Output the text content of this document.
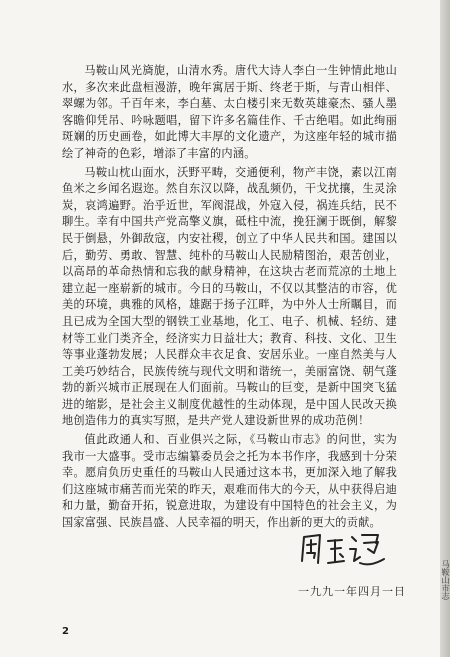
马鞍山风光旖旎，山清水秀。唐代大诗人李白一生钟情此地山水，多次来此盘桓漫游，晚年寓居于斯、终老于斯，与青山相伴、翠螺为邻。千百年来，李白墓、太白楼引来无数英雄豪杰、骚人墨客瞻仰凭吊、吟咏题唱，留下许多名篇佳作、千古绝唱。如此绚丽斑斓的历史画卷，如此博大丰厚的文化遗产，为这座年轻的城市描绘了神奇的色彩，增添了丰富的内涵。

马鞍山枕山面水，沃野平畴，交通便利，物产丰饶，素以江南鱼米之乡闻名遐迩。然自东汉以降，战乱频仍，干戈扰攘，生灵涂炭，哀鸿遍野。治乎近世，军阀混战，外寇入侵，祸连兵结，民不聊生。幸有中国共产党高擎义旗，砥柱中流，挽狂澜于既倒，解黎民于倒悬，外御敌寇，内安社稷，创立了中华人民共和国。建国以后，勤劳、勇敢、智慧、纯朴的马鞍山人民励精图治，艰苦创业，以高昂的革命热情和忘我的献身精神，在这块古老而荒凉的土地上建立起一座崭新的城市。今日的马鞍山，不仅以其整洁的市容，优美的环境，典雅的风格，雄踞于扬子江畔，为中外人士所瞩目，而且已成为全国大型的钢铁工业基地，化工、电子、机械、轻纺、建材等工业门类齐全，经济实力日益壮大；教育、科技、文化、卫生等事业蓬勃发展；人民群众丰衣足食、安居乐业。一座自然美与人工美巧妙结合，民族传统与现代文明和谐统一，美丽富饶、朝气蓬勃的新兴城市正展现在人们面前。马鞍山的巨变，是新中国突飞猛进的缩影，是社会主义制度优越性的生动体现，是中国人民改天换地创造伟力的真实写照，是共产党人建设新世界的成功范例！

值此政通人和、百业俱兴之际，《马鞍山市志》的问世，实为我市一大盛事。受市志编纂委员会之托为本书作序，我感到十分荣幸。愿肩负历史重任的马鞍山人民通过这本书，更加深入地了解我们这座城市痛苦而光荣的昨天，艰难而伟大的今天，从中获得启迪和力量，勤奋开拓，锐意进取，为建设有中国特色的社会主义，为国家富强、民族昌盛、人民幸福的明天，作出新的更大的贡献。

一九九一年四月一日
2
马鞍山市志
